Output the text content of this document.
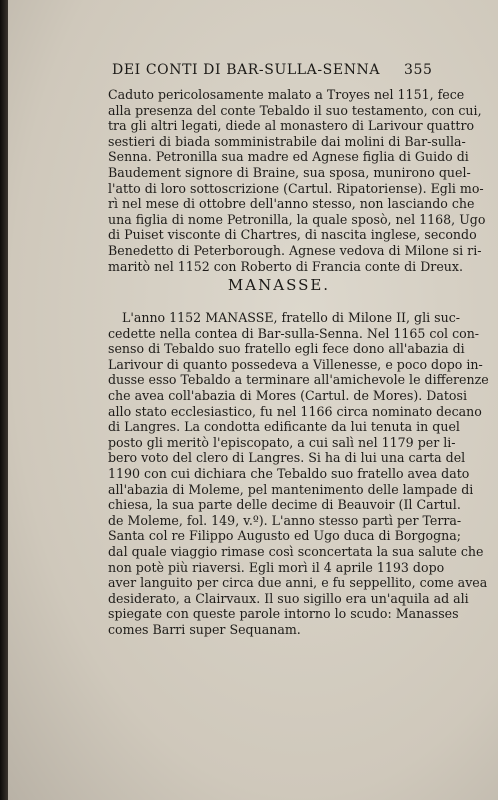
DEI CONTI DI BAR-SULLA-SENNA 355
Caduto pericolosamente malato a Troyes nel 1151, fece
alla presenza del conte Tebaldo il suo testamento, con cui,
tra gli altri legati, diede al monastero di Larivour quattro
sestieri di biada somministrabile dai molini di Bar-sulla-
Senna. Petronilla sua madre ed Agnese figlia di Guido di
Baudement signore di Braine, sua sposa, munirono quel-
l'atto di loro sottoscrizione (Cartul. Ripatoriense). Egli mo-
rì nel mese di ottobre dell'anno stesso, non lasciando che
una figlia di nome Petronilla, la quale sposò, nel 1168, Ugo
di Puiset visconte di Chartres, di nascita inglese, secondo
Benedetto di Peterborough. Agnese vedova di Milone si ri-
maritò nel 1152 con Roberto di Francia conte di Dreux.
MANASSE.
L'anno 1152 MANASSE, fratello di Milone II, gli suc-
cedette nella contea di Bar-sulla-Senna. Nel 1165 col con-
senso di Tebaldo suo fratello egli fece dono all'abazia di
Larivour di quanto possedeva a Villenesse, e poco dopo in-
dusse esso Tebaldo a terminare all'amichevole le differenze
che avea coll'abazia di Mores (Cartul. de Mores). Datosi
allo stato ecclesiastico, fu nel 1166 circa nominato decano
di Langres. La condotta edificante da lui tenuta in quel
posto gli meritò l'episcopato, a cui salì nel 1179 per li-
bero voto del clero di Langres. Si ha di lui una carta del
1190 con cui dichiara che Tebaldo suo fratello avea dato
all'abazia di Moleme, pel mantenimento delle lampade di
chiesa, la sua parte delle decime di Beauvoir (Il Cartul.
de Moleme, fol. 149, v.º). L'anno stesso partì per Terra-
Santa col re Filippo Augusto ed Ugo duca di Borgogna;
dal quale viaggio rimase così sconcertata la sua salute che
non potè più riaversi. Egli morì il 4 aprile 1193 dopo
aver languito per circa due anni, e fu seppellito, come avea
desiderato, a Clairvaux. Il suo sigillo era un'aquila ad ali
spiegate con queste parole intorno lo scudo: Manasses
comes Barri super Sequanam.
